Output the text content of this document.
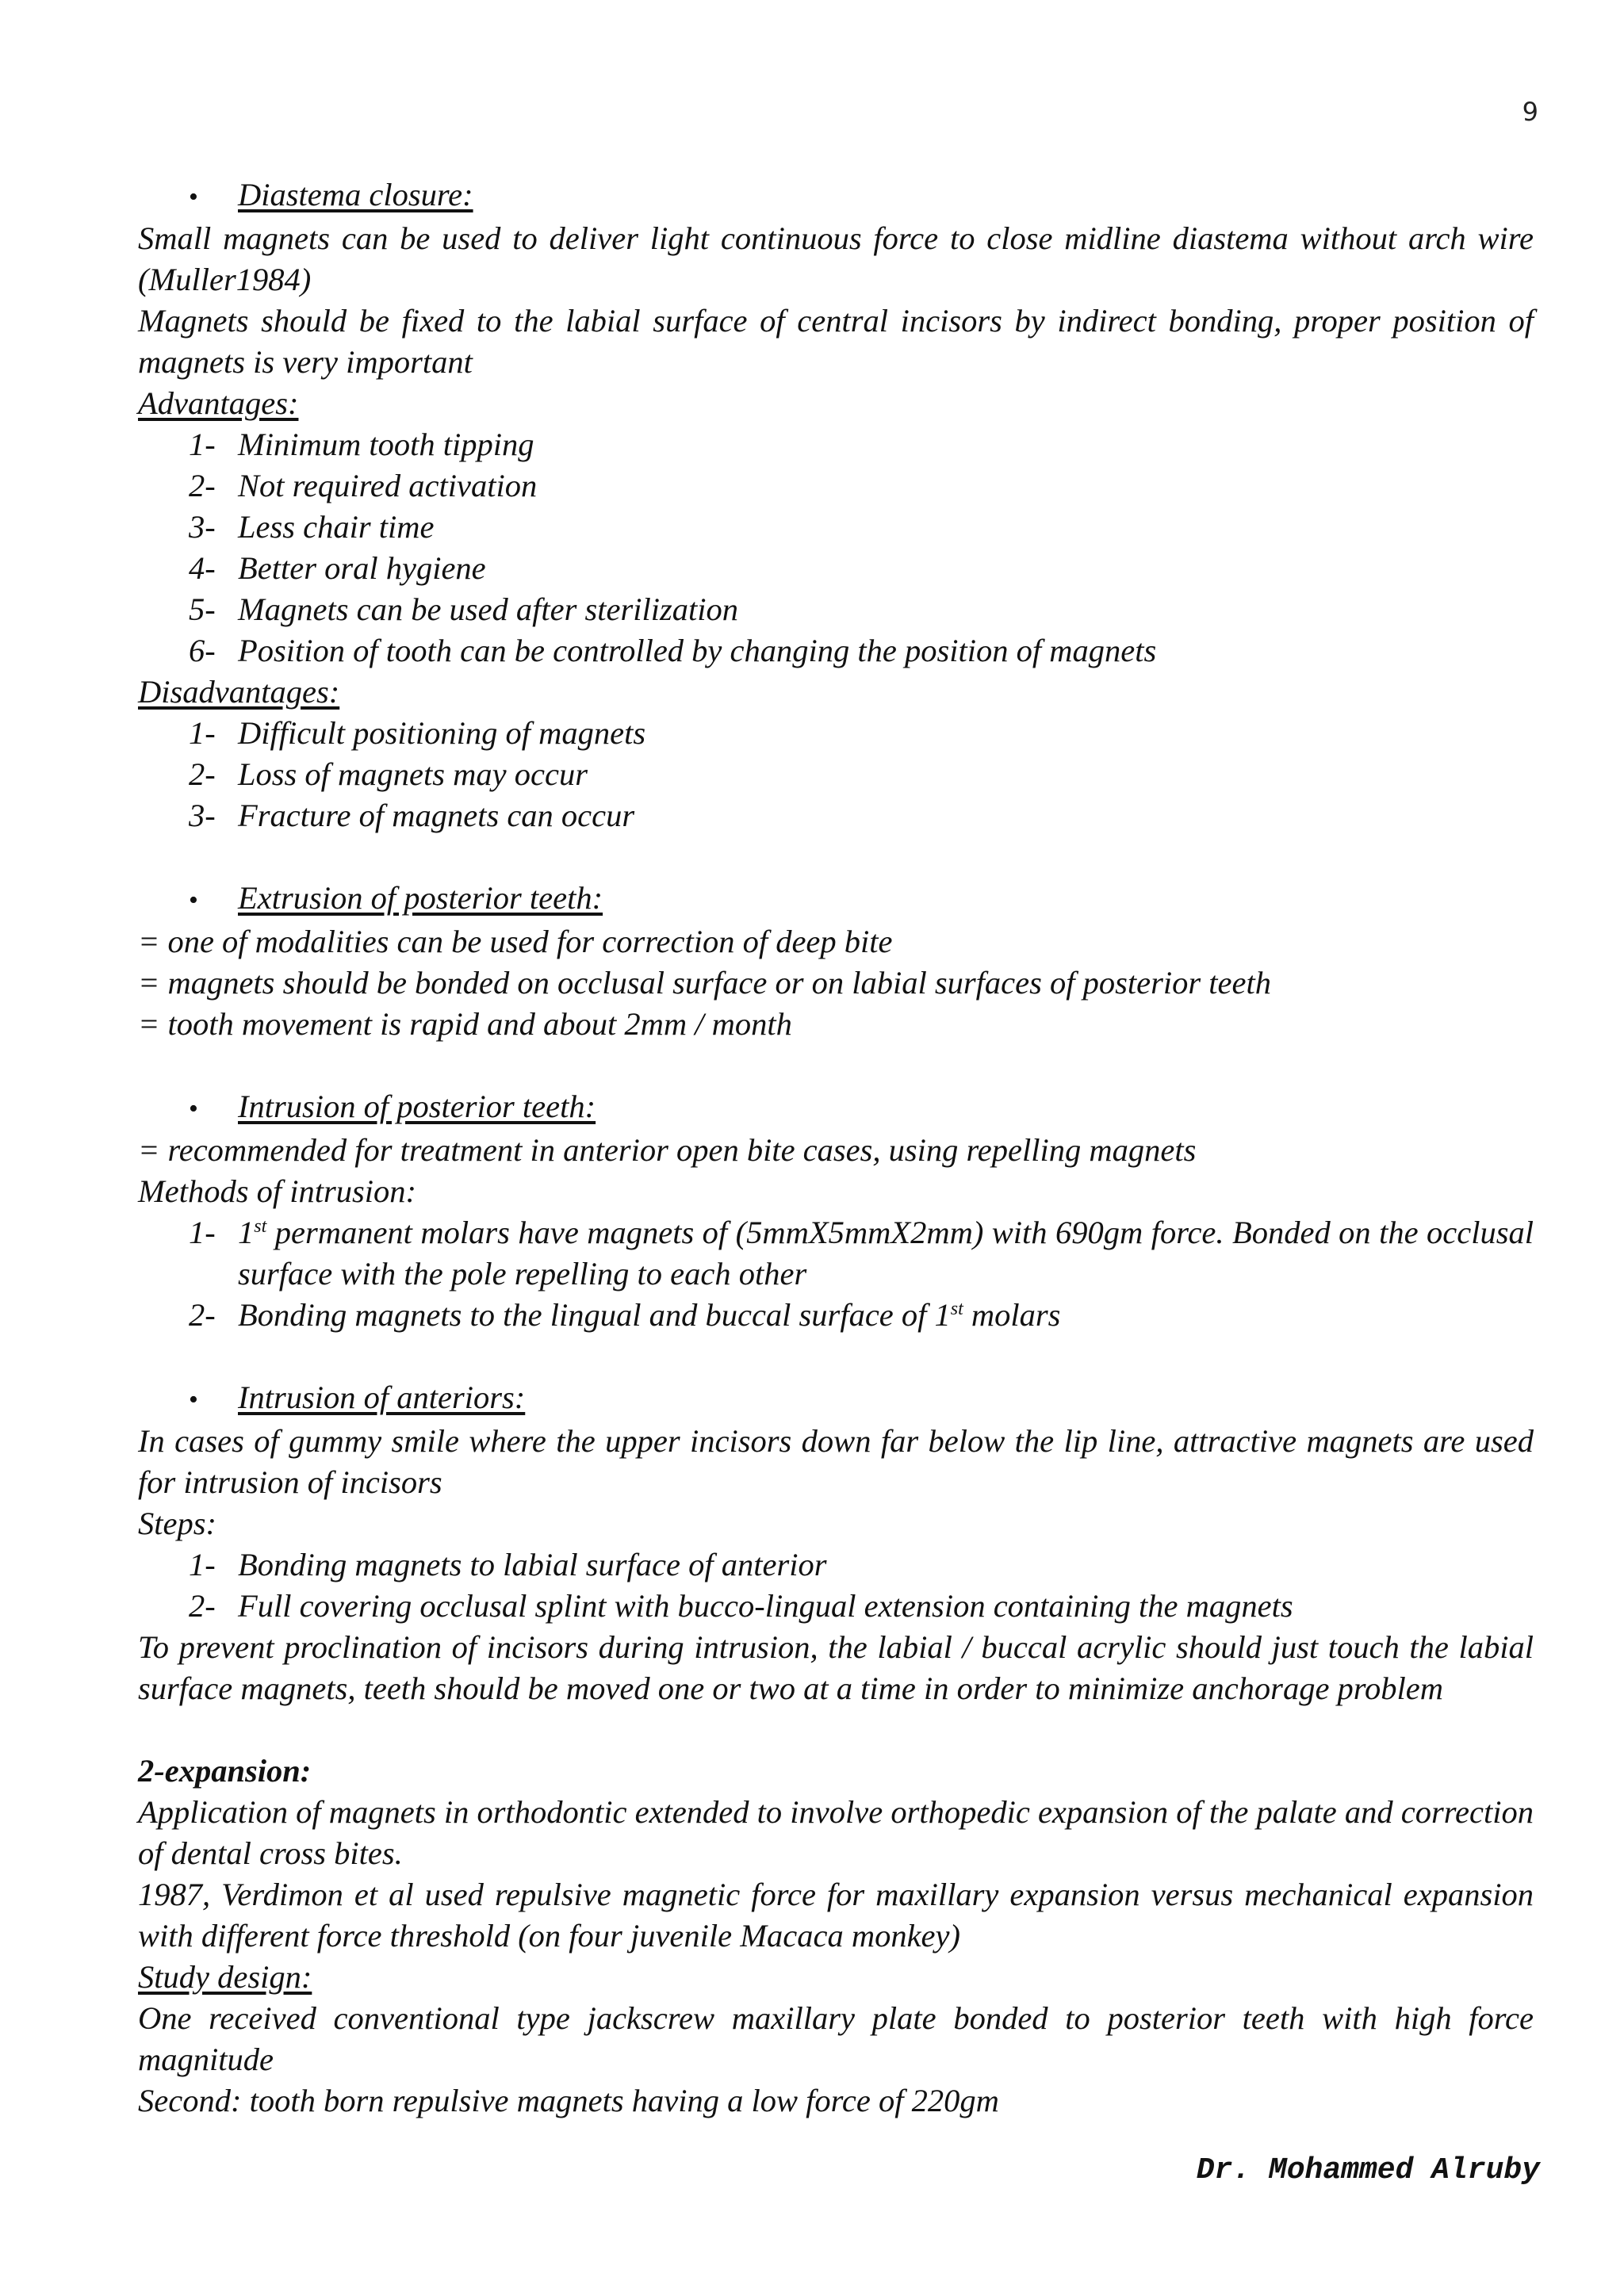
9
•	Diastema closure:

Small magnets can be used to deliver light continuous force to close midline diastema without arch wire (Muller1984)

Magnets should be fixed to the labial surface of central incisors by indirect bonding, proper position of magnets is very important

Advantages:

1- Minimum tooth tipping
2- Not required activation
3- Less chair time
4- Better oral hygiene
5- Magnets can be used after sterilization
6- Position of tooth can be controlled by changing the position of magnets

Disadvantages:

1- Difficult positioning of magnets
2- Loss of magnets may occur
3- Fracture of magnets can occur
•	Extrusion of posterior teeth:

= one of modalities can be used for correction of deep bite

= magnets should be bonded on occlusal surface or on labial surfaces of posterior teeth

= tooth movement is rapid and about 2mm / month

•	Intrusion of posterior teeth:

= recommended for treatment in anterior open bite cases, using repelling magnets

Methods of intrusion:

1- 1st permanent molars have magnets of (5mmX5mmX2mm) with 690gm force. Bonded on the occlusal surface with the pole repelling to each other
2- Bonding magnets to the lingual and buccal surface of 1st molars
•	Intrusion of anteriors:

In cases of gummy smile where the upper incisors down far below the lip line, attractive magnets are used for intrusion of incisors

Steps:

1- Bonding magnets to labial surface of anterior
2- Full covering occlusal splint with bucco-lingual extension containing the magnets

To prevent proclination of incisors during intrusion, the labial / buccal acrylic should just touch the labial surface magnets, teeth should be moved one or two at a time in order to minimize anchorage problem

2-expansion:

Application of magnets in orthodontic extended to involve orthopedic expansion of the palate and correction of dental cross bites.

1987, Verdimon et al used repulsive magnetic force for maxillary expansion versus mechanical expansion with different force threshold (on four juvenile Macaca monkey)

Study design:

One received conventional type jackscrew maxillary plate bonded to posterior teeth with high force magnitude

Second: tooth born repulsive magnets having a low force of 220gm

Dr. Mohammed Alruby
